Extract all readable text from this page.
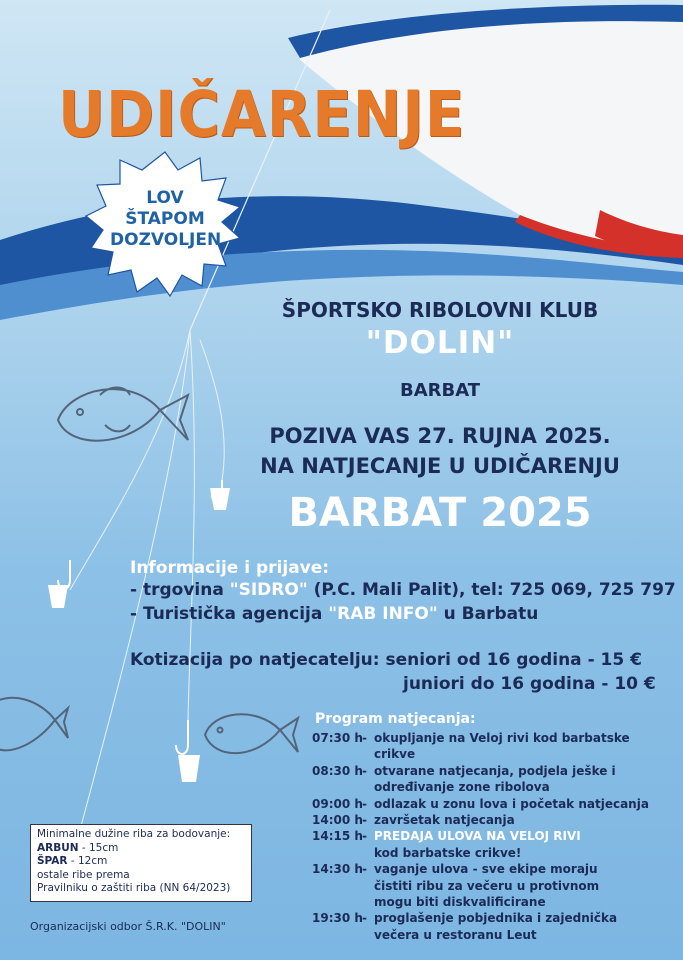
UDIČARENJE
LOV
ŠTAPOM
DOZVOLJEN
ŠPORTSKO RIBOLOVNI KLUB
"DOLIN"
BARBAT
POZIVA VAS 27. RUJNA 2025.
NA NATJECANJE U UDIČARENJU
BARBAT 2025
Informacije i prijave:
- trgovina "SIDRO" (P.C. Mali Palit), tel: 725 069, 725 797
- Turistička agencija "RAB INFO" u Barbatu
Kotizacija po natjecatelju: seniori od 16 godina - 15 €
juniori do 16 godina - 10 €
Program natjecanja:
07:30 h - okupljanje na Veloj rivi kod barbatske crikve
08:30 h - otvarane natjecanja, podjela ješke i određivanje zone ribolova
09:00 h - odlazak u zonu lova i početak natjecanja
14:00 h - završetak natjecanja
14:15 h - PREDAJA ULOVA NA VELOJ RIVI
kod barbatske crikve!
14:30 h - vaganje ulova - sve ekipe moraju čistiti ribu za večeru u protivnom mogu biti diskvalificirane
19:30 h - proglašenje pobjednika i zajednička večera u restoranu Leut
Minimalne dužine riba za bodovanje:
ARBUN - 15cm
ŠPAR - 12cm
ostale ribe prema
Pravilniku o zaštiti riba (NN 64/2023)
Organizacijski odbor Š.R.K. "DOLIN"
